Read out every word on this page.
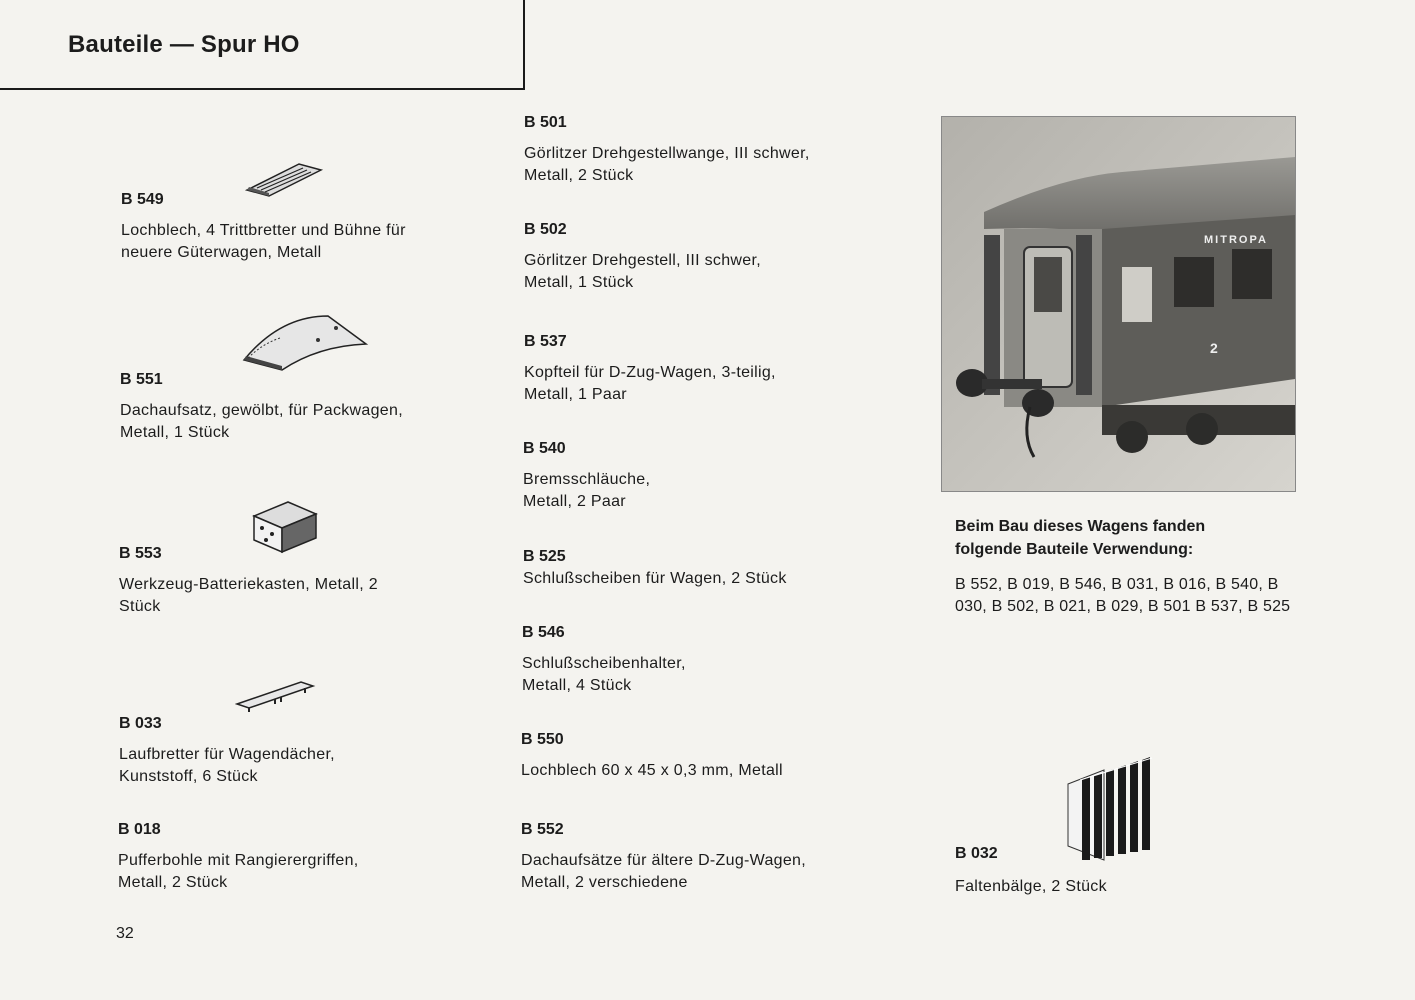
Bauteile — Spur HO
B 549
Lochblech, 4 Trittbretter und Bühne für neuere Güterwagen, Metall
B 551
Dachaufsatz, gewölbt, für Packwagen, Metall, 1 Stück
B 553
Werkzeug-Batteriekasten, Metall, 2 Stück
B 033
Laufbretter für Wagendächer, Kunststoff, 6 Stück
B 018
Pufferbohle mit Rangierergriffen, Metall, 2 Stück
B 501
Görlitzer Drehgestellwange, III schwer, Metall, 2 Stück
B 502
Görlitzer Drehgestell, III schwer, Metall, 1 Stück
B 537
Kopfteil für D-Zug-Wagen, 3-teilig, Metall, 1 Paar
B 540
Bremsschläuche, Metall, 2 Paar
B 525
Schlußscheiben für Wagen, 2 Stück
B 546
Schlußscheibenhalter, Metall, 4 Stück
B 550
Lochblech 60 x 45 x 0,3 mm, Metall
B 552
Dachaufsätze für ältere D-Zug-Wagen, Metall, 2 verschiedene
MITROPA
2
Beim Bau dieses Wagens fanden folgende Bauteile Verwendung:
B 552, B 019, B 546, B 031, B 016, B 540, B 030, B 502, B 021, B 029, B 501 B 537, B 525
B 032
Faltenbälge, 2 Stück
32
